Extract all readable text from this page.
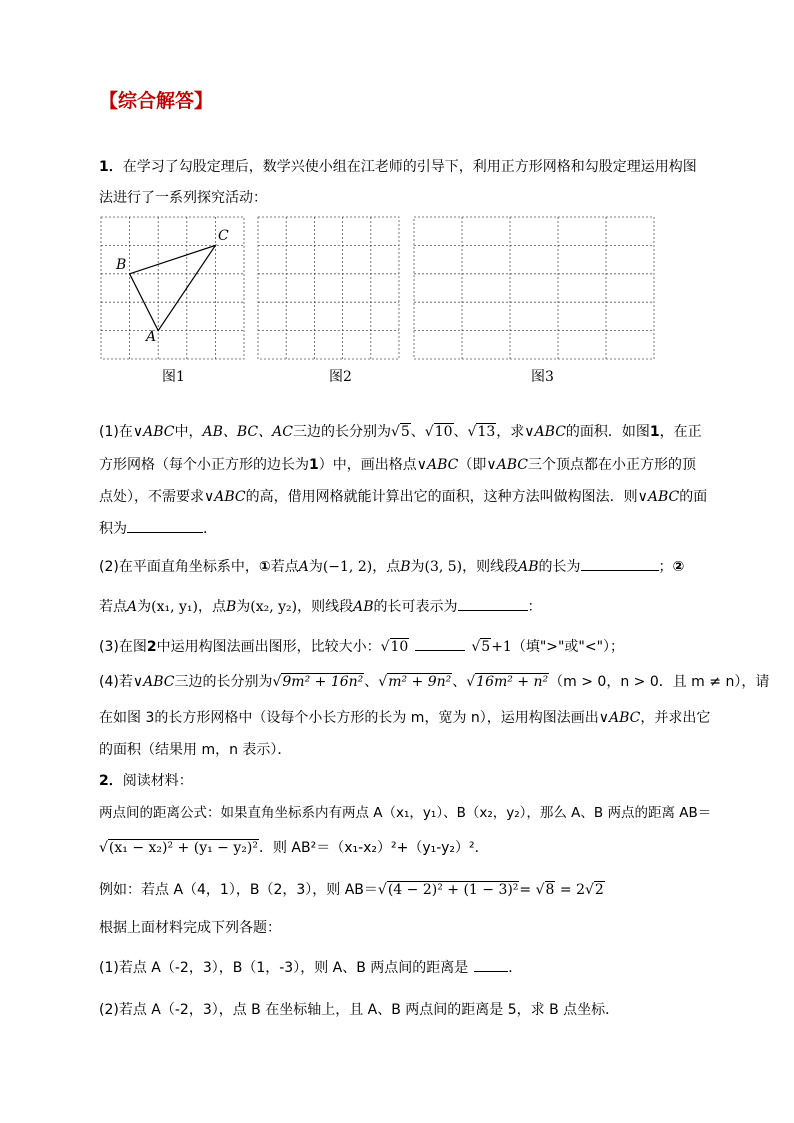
【综合解答】
1．在学习了勾股定理后，数学兴使小组在江老师的引导下，利用正方形网格和勾股定理运用构图
法进行了一系列探究活动：
C
B
A
图1	图2	图3
(1)在∨ABC中，AB、BC、AC三边的长分别为√5、√10、√13，求∨ABC的面积．如图1，在正
方形网格（每个小正方形的边长为1）中，画出格点∨ABC（即∨ABC三个顶点都在小正方形的顶
点处），不需要求∨ABC的高，借用网格就能计算出它的面积，这种方法叫做构图法．则∨ABC的面
积为	．
(2)在平面直角坐标系中，①若点A为(−1, 2)，点B为(3, 5)，则线段AB的长为	；②
若点A为(x₁, y₁)，点B为(x₂, y₂)，则线段AB的长可表示为	：
(3)在图2中运用构图法画出图形，比较大小：√10	√5+1（填">"或"<"）；
(4)若∨ABC三边的长分别为√9m² + 16n²、√m² + 9n²、√16m² + n²（m > 0，n > 0．且 m ≠ n），请
在如图 3的长方形网格中（设每个小长方形的长为 m，宽为 n），运用构图法画出∨ABC，并求出它
的面积（结果用 m，n 表示）．
2．阅读材料：
两点间的距离公式：如果直角坐标系内有两点 A（x₁，y₁）、B（x₂，y₂），那么 A、B 两点的距离 AB＝
√(x₁ − x₂)² + (y₁ − y₂)²．则 AB²＝（x₁-x₂）²+（y₁-y₂）²．
例如：若点 A（4，1），B（2，3），则 AB＝√(4 − 2)² + (1 − 3)²= √8 = 2√2
根据上面材料完成下列各题：
(1)若点 A（-2，3），B（1，-3），则 A、B 两点间的距离是	．
(2)若点 A（-2，3），点 B 在坐标轴上，且 A、B 两点间的距离是 5，求 B 点坐标．
